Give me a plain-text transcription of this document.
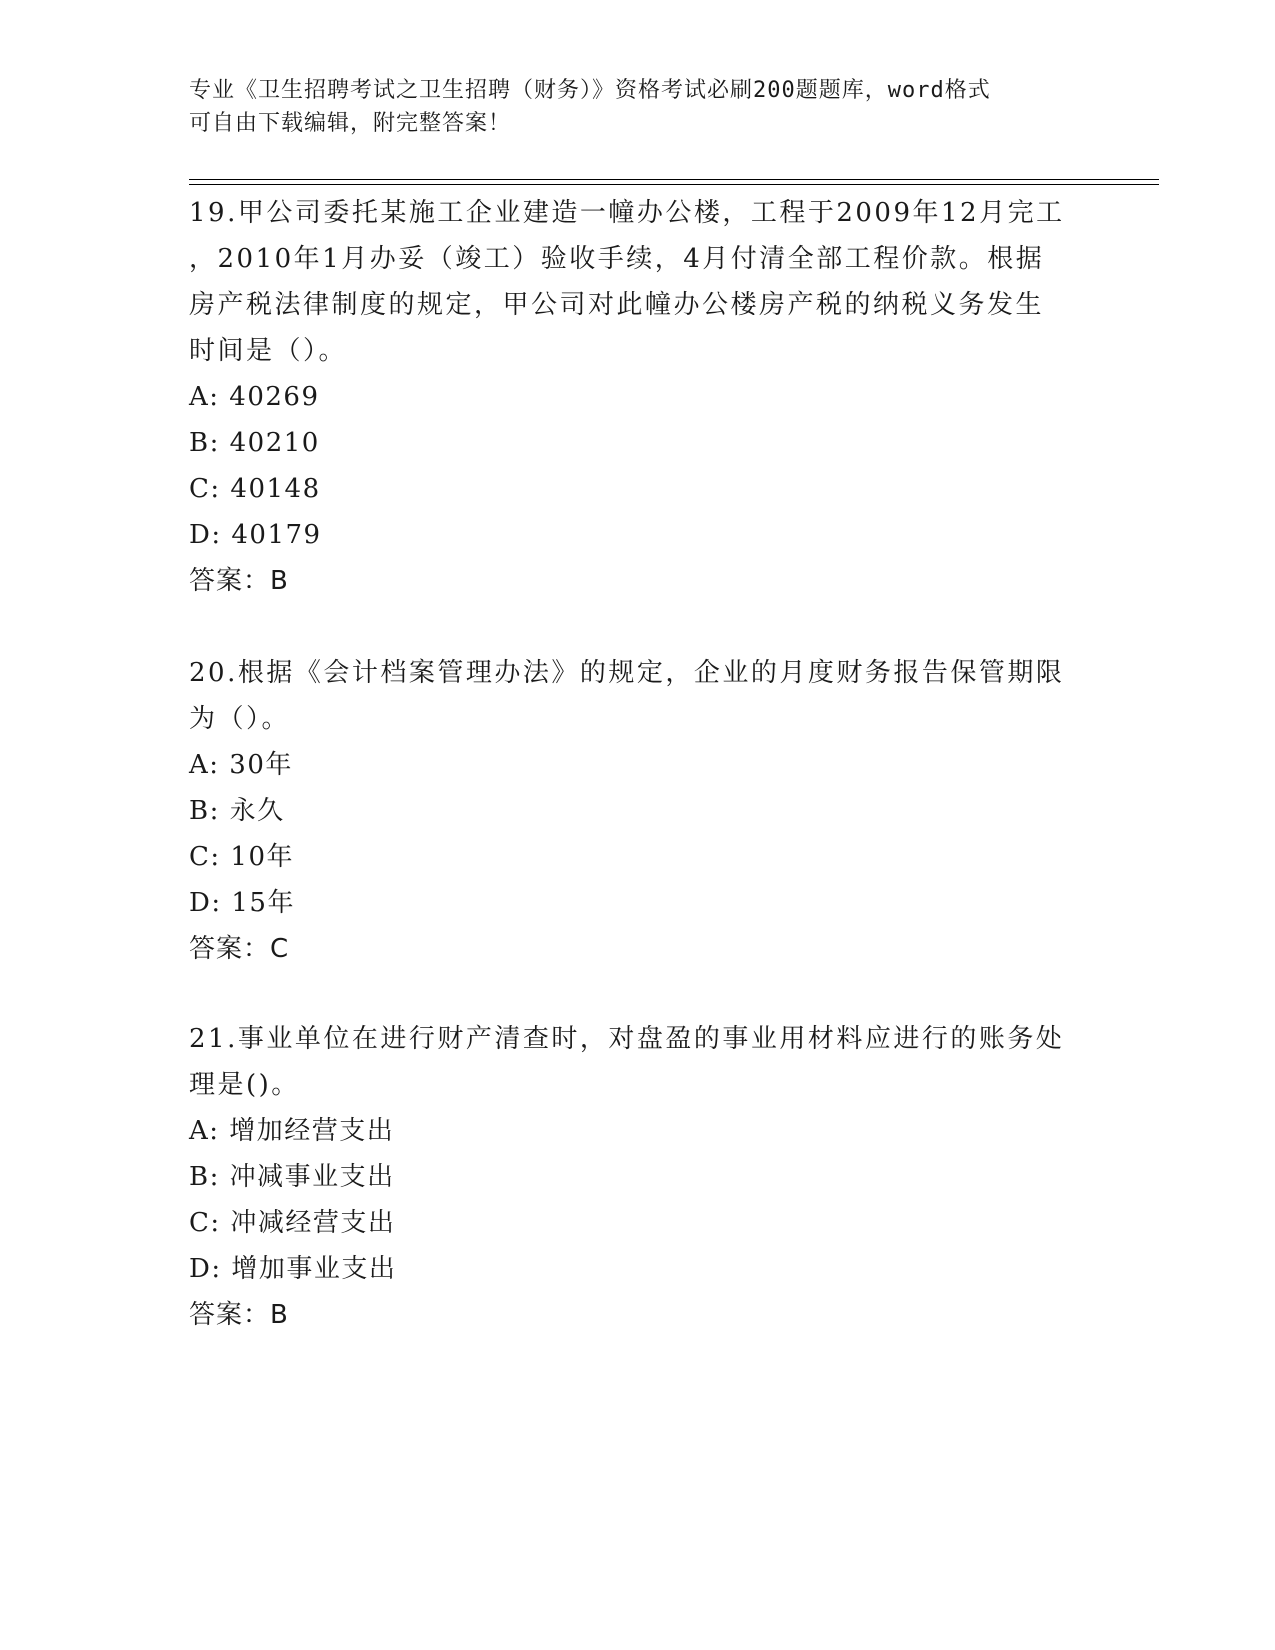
专业《卫生招聘考试之卫生招聘（财务）》资格考试必刷200题题库，word格式
可自由下载编辑，附完整答案！

19.甲公司委托某施工企业建造一幢办公楼，工程于2009年12月完工

，2010年1月办妥（竣工）验收手续，4月付清全部工程价款。根据

房产税法律制度的规定，甲公司对此幢办公楼房产税的纳税义务发生

时间是（）。

A: 40269

B: 40210

C: 40148

D: 40179

答案：B

20.根据《会计档案管理办法》的规定，企业的月度财务报告保管期限

为（）。

A: 30年

B: 永久

C: 10年

D: 15年

答案：C

21.事业单位在进行财产清查时，对盘盈的事业用材料应进行的账务处

理是()。

A: 增加经营支出

B: 冲减事业支出

C: 冲减经营支出

D: 增加事业支出

答案：B
